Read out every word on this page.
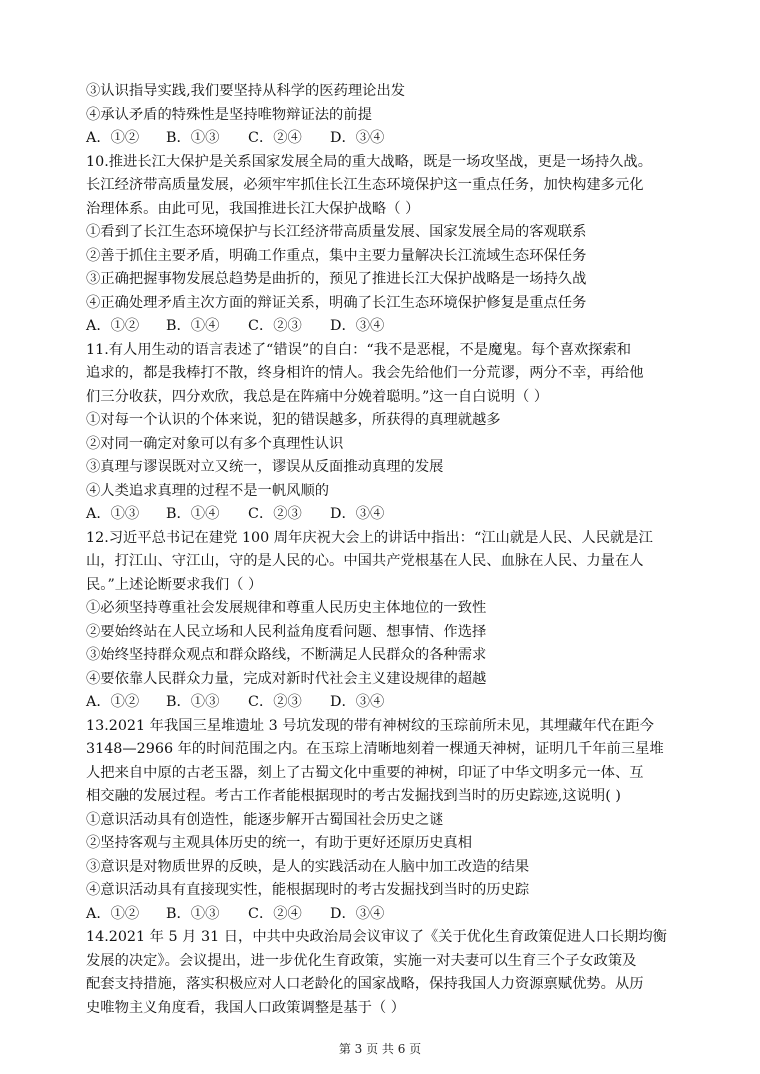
③认识指导实践,我们要坚持从科学的医药理论出发
④承认矛盾的特殊性是坚持唯物辩证法的前提
A．①②	B．①③	C．②④	D．③④
10.推进长江大保护是关系国家发展全局的重大战略，既是一场攻坚战，更是一场持久战。
长江经济带高质量发展，必须牢牢抓住长江生态环境保护这一重点任务，加快构建多元化
治理体系。由此可见，我国推进长江大保护战略（ ）
①看到了长江生态环境保护与长江经济带高质量发展、国家发展全局的客观联系
②善于抓住主要矛盾，明确工作重点，集中主要力量解决长江流域生态环保任务
③正确把握事物发展总趋势是曲折的，预见了推进长江大保护战略是一场持久战
④正确处理矛盾主次方面的辩证关系，明确了长江生态环境保护修复是重点任务
A．①②	B．①④	C．②③	D．③④
11.有人用生动的语言表述了“错误”的自白：“我不是恶棍，不是魔鬼。每个喜欢探索和
追求的，都是我棒打不散，终身相许的情人。我会先给他们一分荒谬，两分不幸，再给他
们三分收获，四分欢欣，我总是在阵痛中分娩着聪明。”这一自白说明（ ）
①对每一个认识的个体来说，犯的错误越多，所获得的真理就越多
②对同一确定对象可以有多个真理性认识
③真理与谬误既对立又统一，谬误从反面推动真理的发展
④人类追求真理的过程不是一帆风顺的
A．①③	B．①④	C．②③	D．③④
12.习近平总书记在建党 100 周年庆祝大会上的讲话中指出：“江山就是人民、人民就是江
山，打江山、守江山，守的是人民的心。中国共产党根基在人民、血脉在人民、力量在人
民。”上述论断要求我们（ ）
①必须坚持尊重社会发展规律和尊重人民历史主体地位的一致性
②要始终站在人民立场和人民利益角度看问题、想事情、作选择
③始终坚持群众观点和群众路线，不断满足人民群众的各种需求
④要依靠人民群众力量，完成对新时代社会主义建设规律的超越
A．①②	B．①③	C．②③	D．③④
13.2021 年我国三星堆遗址 3 号坑发现的带有神树纹的玉琮前所未见，其埋藏年代在距今
3148—2966 年的时间范围之内。在玉琮上清晰地刻着一棵通天神树，证明几千年前三星堆
人把来自中原的古老玉器，刻上了古蜀文化中重要的神树，印证了中华文明多元一体、互
相交融的发展过程。考古工作者能根据现时的考古发掘找到当时的历史踪迹,这说明( )
①意识活动具有创造性，能逐步解开古蜀国社会历史之谜
②坚持客观与主观具体历史的统一，有助于更好还原历史真相
③意识是对物质世界的反映，是人的实践活动在人脑中加工改造的结果
④意识活动具有直接现实性，能根据现时的考古发掘找到当时的历史踪
A．①②	B．①③	C．②④	D．③④
14.2021 年 5 月 31 日，中共中央政治局会议审议了《关于优化生育政策促进人口长期均衡
发展的决定》。会议提出，进一步优化生育政策，实施一对夫妻可以生育三个子女政策及
配套支持措施，落实积极应对人口老龄化的国家战略，保持我国人力资源禀赋优势。从历
史唯物主义角度看，我国人口政策调整是基于（ ）
第 3 页 共 6 页
